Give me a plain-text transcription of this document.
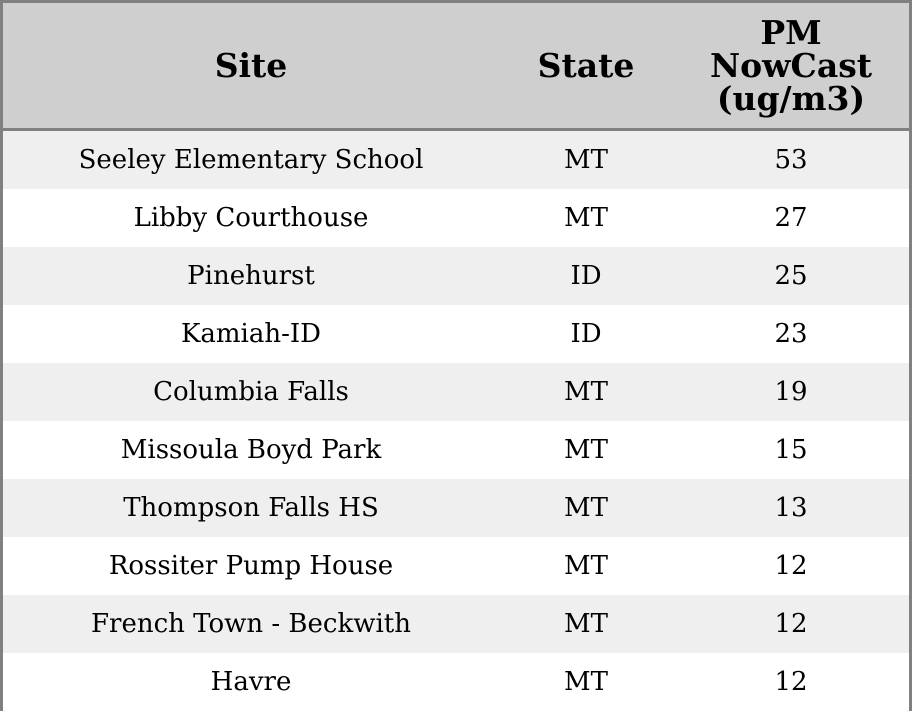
Site	State	PM
NowCast
(ug/m3)
Seeley Elementary School	MT	53
Libby Courthouse	MT	27
Pinehurst	ID	25
Kamiah-ID	ID	23
Columbia Falls	MT	19
Missoula Boyd Park	MT	15
Thompson Falls HS	MT	13
Rossiter Pump House	MT	12
French Town - Beckwith	MT	12
Havre	MT	12
